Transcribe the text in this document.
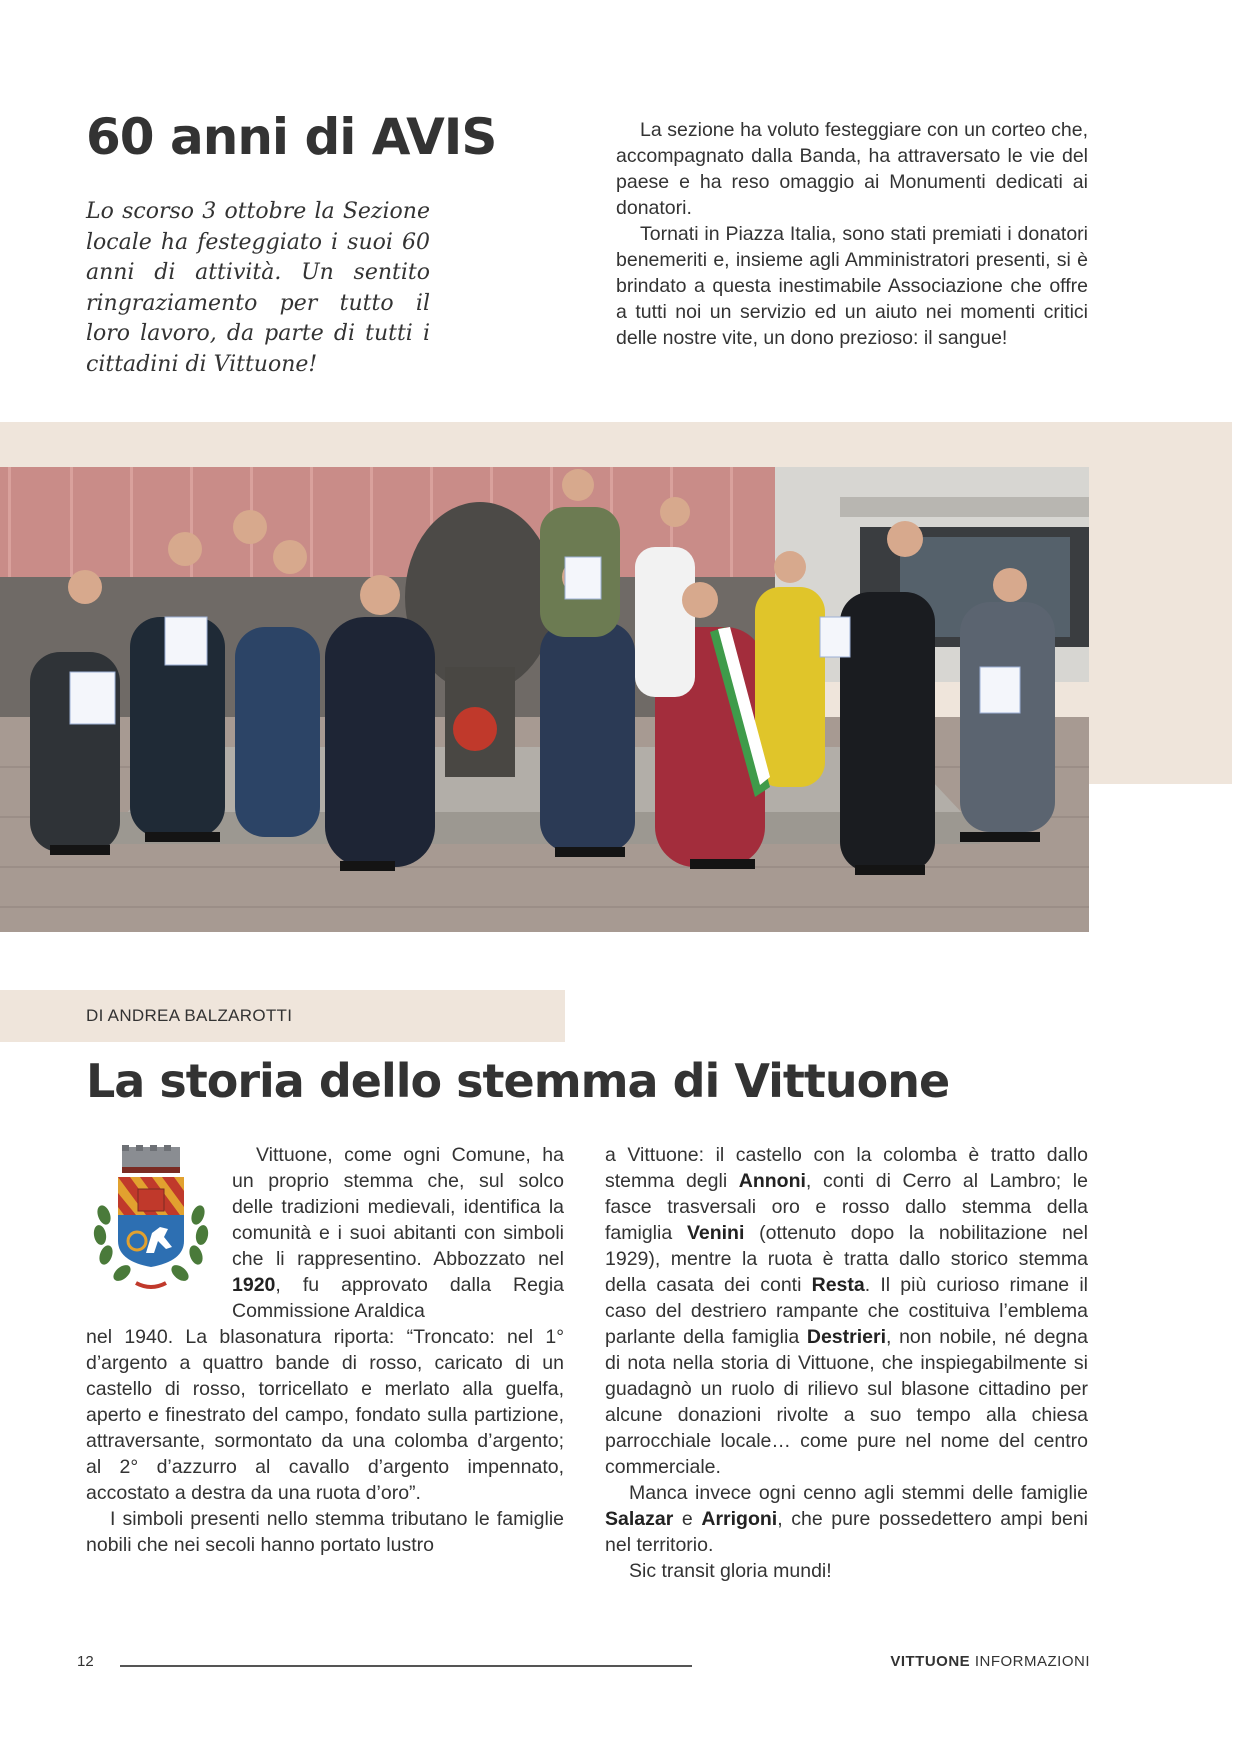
60 anni di AVIS

Lo scorso 3 ottobre la Sezione locale ha festeggiato i suoi 60 anni di attività. Un sentito ringraziamento per tutto il loro lavoro, da parte di tutti i cittadini di Vittuone!

La sezione ha voluto festeggiare con un corteo che, accompagnato dalla Banda, ha attraversato le vie del paese e ha reso omaggio ai Monumenti dedicati ai donatori.

Tornati in Piazza Italia, sono stati premiati i donatori benemeriti e, insieme agli Amministratori presenti, si è brindato a questa inestimabile Associazione che offre a tutti noi un servizio ed un aiuto nei momenti critici delle nostre vite, un dono prezioso: il sangue!

DI ANDREA BALZAROTTI
La storia dello stemma di Vittuone

Vittuone, come ogni Comune, ha un proprio stemma che, sul solco delle tradizioni medievali, identifica la comunità e i suoi abitanti con simboli che li rappresentino. Abbozzato nel 1920, fu approvato dalla Regia Commissione Araldica

nel 1940. La blasonatura riporta: “Troncato: nel 1° d’argento a quattro bande di rosso, caricato di un castello di rosso, torricellato e merlato alla guelfa, aperto e finestrato del campo, fondato sulla partizione, attraversante, sormontato da una colomba d’argento; al 2° d’azzurro al cavallo d’argento impennato, accostato a destra da una ruota d’oro”.

I simboli presenti nello stemma tributano le famiglie nobili che nei secoli hanno portato lustro

a Vittuone: il castello con la colomba è tratto dallo stemma degli Annoni, conti di Cerro al Lambro; le fasce trasversali oro e rosso dallo stemma della famiglia Venini (ottenuto dopo la nobilitazione nel 1929), mentre la ruota è tratta dallo storico stemma della casata dei conti Resta. Il più curioso rimane il caso del destriero rampante che costituiva l’emblema parlante della famiglia Destrieri, non nobile, né degna di nota nella storia di Vittuone, che inspiegabilmente si guadagnò un ruolo di rilievo sul blasone cittadino per alcune donazioni rivolte a suo tempo alla chiesa parrocchiale locale… come pure nel nome del centro commerciale.

Manca invece ogni cenno agli stemmi delle famiglie Salazar e Arrigoni, che pure possedettero ampi beni nel territorio.

Sic transit gloria mundi!

12	VITTUONE INFORMAZIONI
